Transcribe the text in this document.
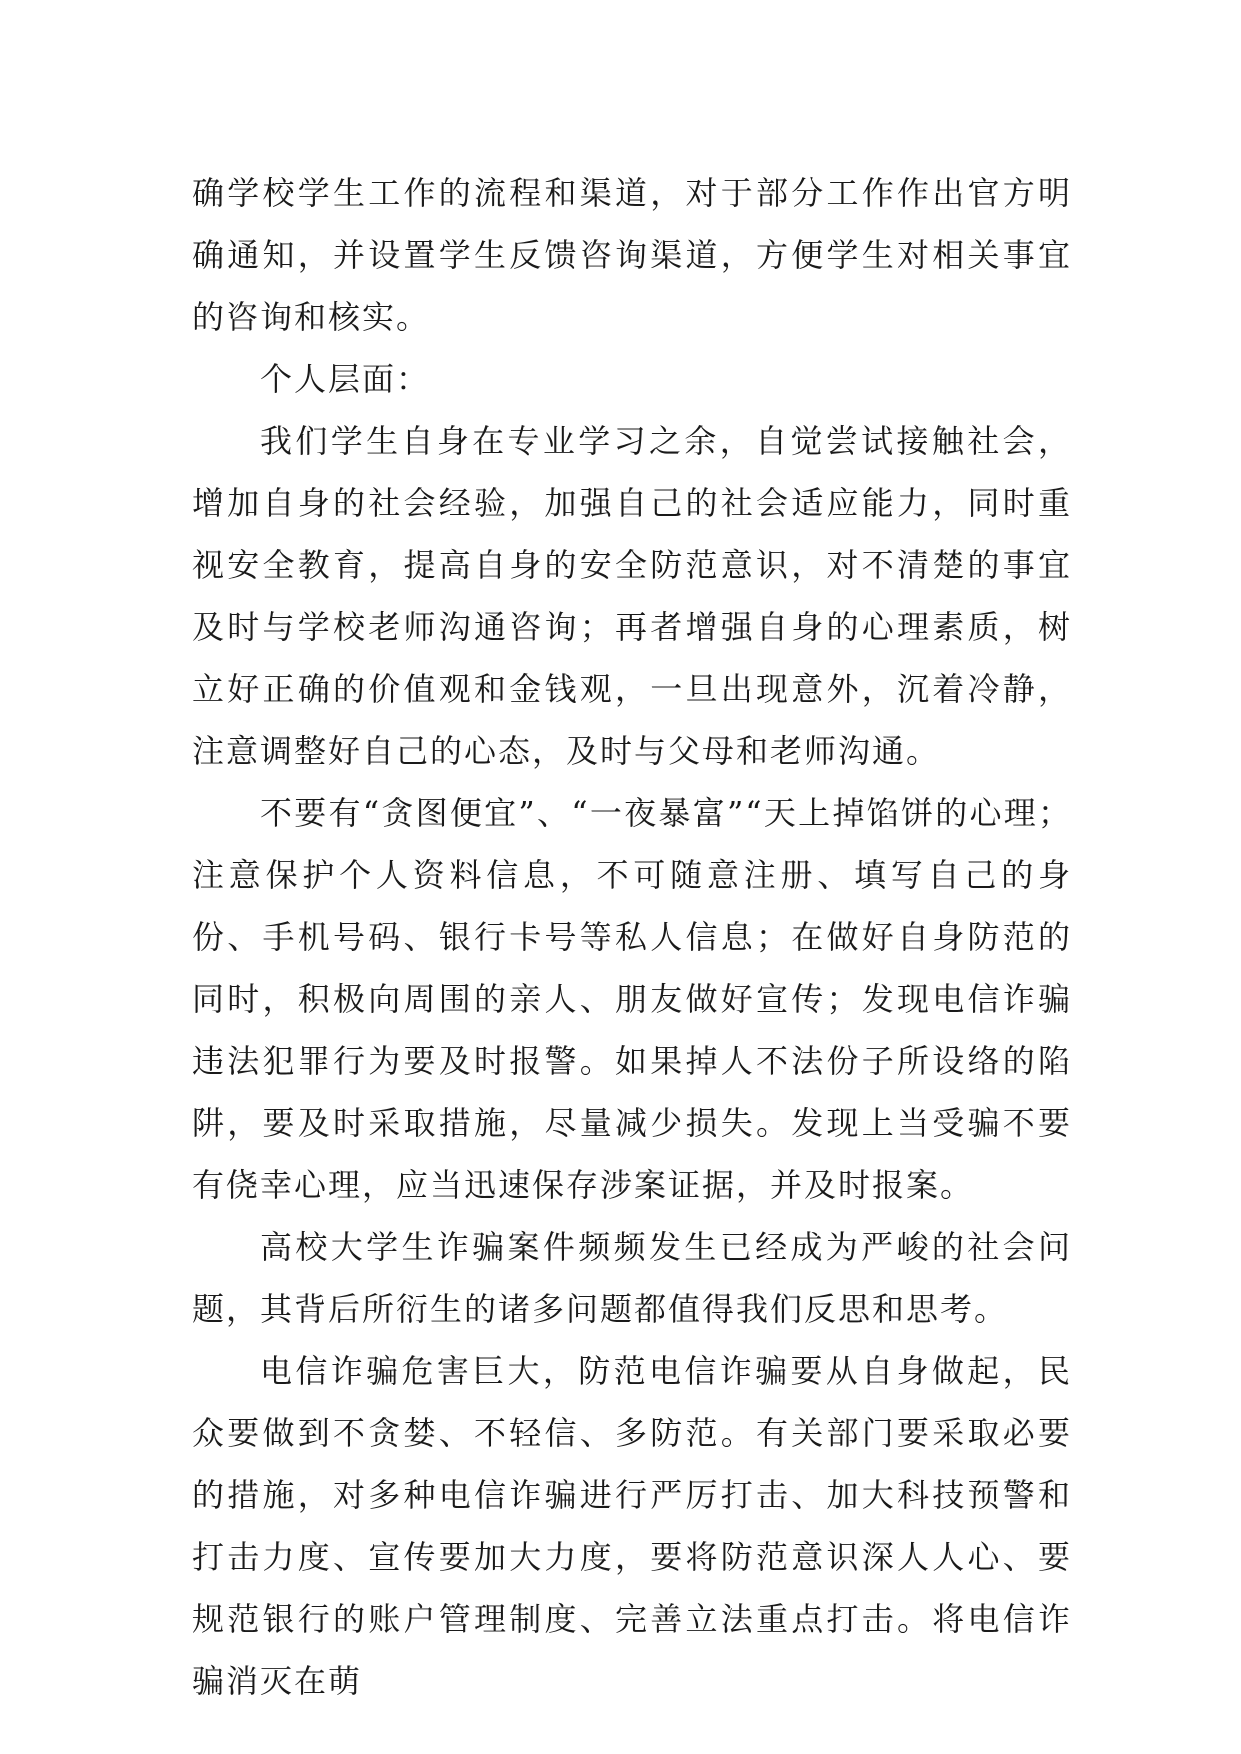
确学校学生工作的流程和渠道，对于部分工作作出官方明确通知，并设置学生反馈咨询渠道，方便学生对相关事宜的咨询和核实。

个人层面：

我们学生自身在专业学习之余，自觉尝试接触社会，增加自身的社会经验，加强自己的社会适应能力，同时重视安全教育，提高自身的安全防范意识，对不清楚的事宜及时与学校老师沟通咨询；再者增强自身的心理素质，树立好正确的价值观和金钱观，一旦出现意外，沉着冷静，注意调整好自己的心态，及时与父母和老师沟通。

不要有“贪图便宜”、“一夜暴富”“天上掉馅饼的心理；注意保护个人资料信息，不可随意注册、填写自己的身份、手机号码、银行卡号等私人信息；在做好自身防范的同时，积极向周围的亲人、朋友做好宣传；发现电信诈骗违法犯罪行为要及时报警。如果掉人不法份子所设络的陷阱，要及时采取措施，尽量减少损失。发现上当受骗不要有侥幸心理，应当迅速保存涉案证据，并及时报案。

高校大学生诈骗案件频频发生已经成为严峻的社会问题，其背后所衍生的诸多问题都值得我们反思和思考。

电信诈骗危害巨大，防范电信诈骗要从自身做起，民众要做到不贪婪、不轻信、多防范。有关部门要采取必要的措施，对多种电信诈骗进行严厉打击、加大科技预警和打击力度、宣传要加大力度，要将防范意识深人人心、要规范银行的账户管理制度、完善立法重点打击。将电信诈骗消灭在萌
